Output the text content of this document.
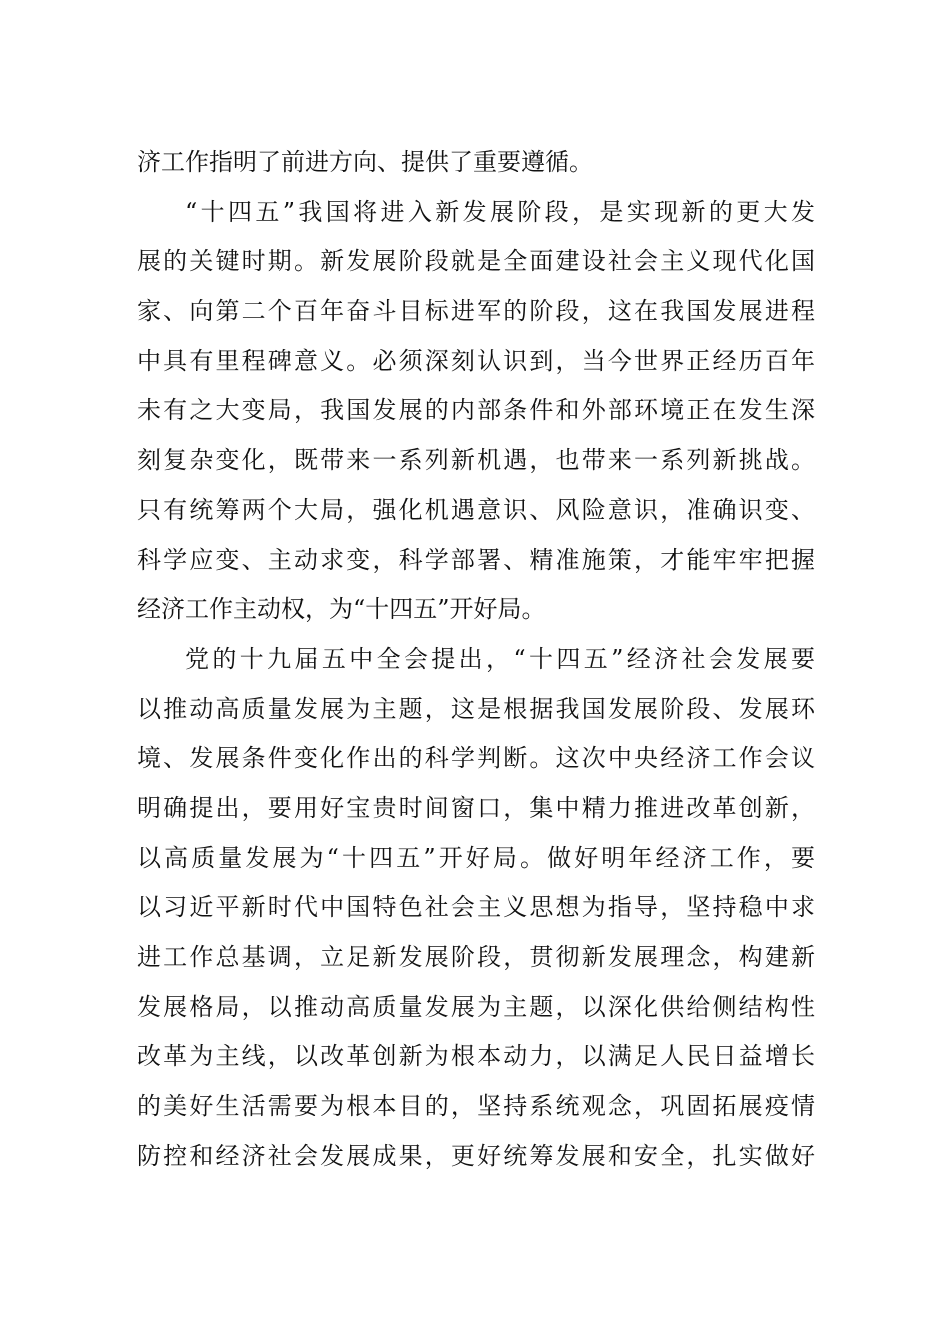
济工作指明了前进方向、提供了重要遵循。
“十四五”我国将进入新发展阶段，是实现新的更大发
展的关键时期。新发展阶段就是全面建设社会主义现代化国
家、向第二个百年奋斗目标进军的阶段，这在我国发展进程
中具有里程碑意义。必须深刻认识到，当今世界正经历百年
未有之大变局，我国发展的内部条件和外部环境正在发生深
刻复杂变化，既带来一系列新机遇，也带来一系列新挑战。
只有统筹两个大局，强化机遇意识、风险意识，准确识变、
科学应变、主动求变，科学部署、精准施策，才能牢牢把握
经济工作主动权，为“十四五”开好局。
党的十九届五中全会提出，“十四五”经济社会发展要
以推动高质量发展为主题，这是根据我国发展阶段、发展环
境、发展条件变化作出的科学判断。这次中央经济工作会议
明确提出，要用好宝贵时间窗口，集中精力推进改革创新，
以高质量发展为“十四五”开好局。做好明年经济工作，要
以习近平新时代中国特色社会主义思想为指导，坚持稳中求
进工作总基调，立足新发展阶段，贯彻新发展理念，构建新
发展格局，以推动高质量发展为主题，以深化供给侧结构性
改革为主线，以改革创新为根本动力，以满足人民日益增长
的美好生活需要为根本目的，坚持系统观念，巩固拓展疫情
防控和经济社会发展成果，更好统筹发展和安全，扎实做好
